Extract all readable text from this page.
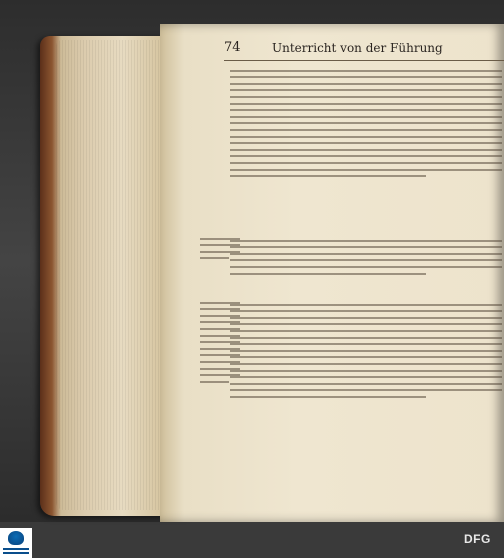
74	Unterricht von der Führung
DFG
